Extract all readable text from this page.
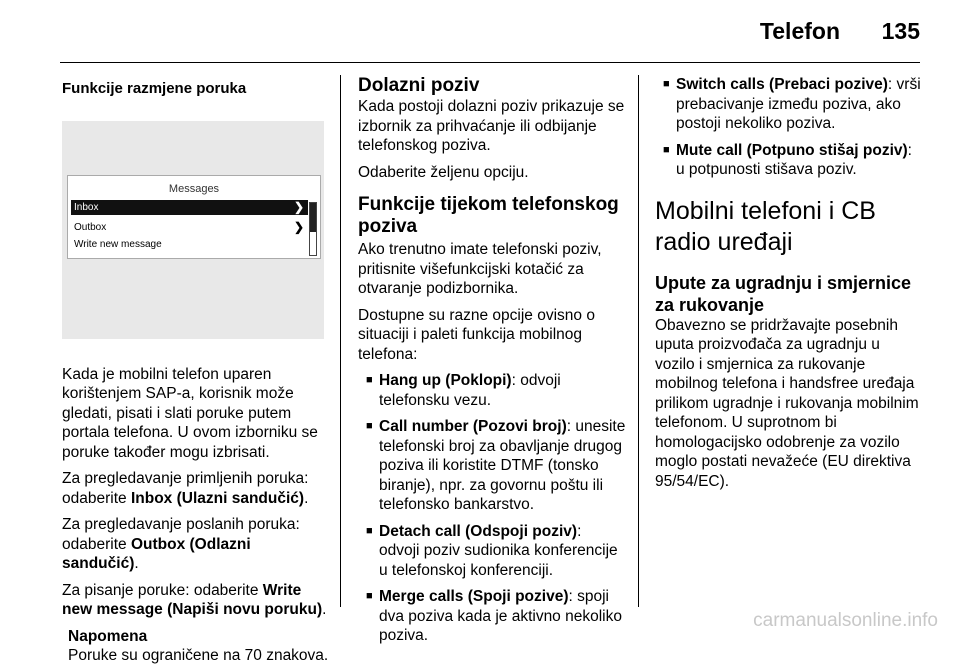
Telefon 135
Funkcije razmjene poruka
Messages
Inbox	❯
Outbox	❯
Write new message

Kada je mobilni telefon uparen korištenjem SAP-a, korisnik može gledati, pisati i slati poruke putem portala telefona. U ovom izborniku se poruke također mogu izbrisati.

Za pregledavanje primljenih poruka: odaberite Inbox (Ulazni sandučić).

Za pregledavanje poslanih poruka: odaberite Outbox (Odlazni sandučić).

Za pisanje poruke: odaberite Write new message (Napiši novu poruku).

Napomena
Poruke su ograničene na 70 znakova.
Dolazni poziv

Kada postoji dolazni poziv prikazuje se izbornik za prihvaćanje ili odbijanje telefonskog poziva.

Odaberite željenu opciju.

Funkcije tijekom telefonskog poziva

Ako trenutno imate telefonski poziv, pritisnite višefunkcijski kotačić za otvaranje podizbornika.

Dostupne su razne opcije ovisno o situaciji i paleti funkcija mobilnog telefona:

■ Hang up (Poklopi): odvoji telefonsku vezu.
■ Call number (Pozovi broj): unesite telefonski broj za obavljanje drugog poziva ili koristite DTMF (tonsko biranje), npr. za govornu poštu ili telefonsko bankarstvo.
■ Detach call (Odspoji poziv): odvoji poziv sudionika konferencije u telefonskoj konferenciji.
■ Merge calls (Spoji pozive): spoji dva poziva kada je aktivno nekoliko poziva.
■ Switch calls (Prebaci pozive): vrši prebacivanje između poziva, ako postoji nekoliko poziva.
■ Mute call (Potpuno stišaj poziv): u potpunosti stišava poziv.
Mobilni telefoni i CB radio uređaji
Upute za ugradnju i smjernice za rukovanje

Obavezno se pridržavajte posebnih uputa proizvođača za ugradnju u vozilo i smjernica za rukovanje mobilnog telefona i handsfree uređaja prilikom ugradnje i rukovanja mobilnim telefonom. U suprotnom bi homologacijsko odobrenje za vozilo moglo postati nevažeće (EU direktiva 95/54/EC).

carmanualsonline.info
